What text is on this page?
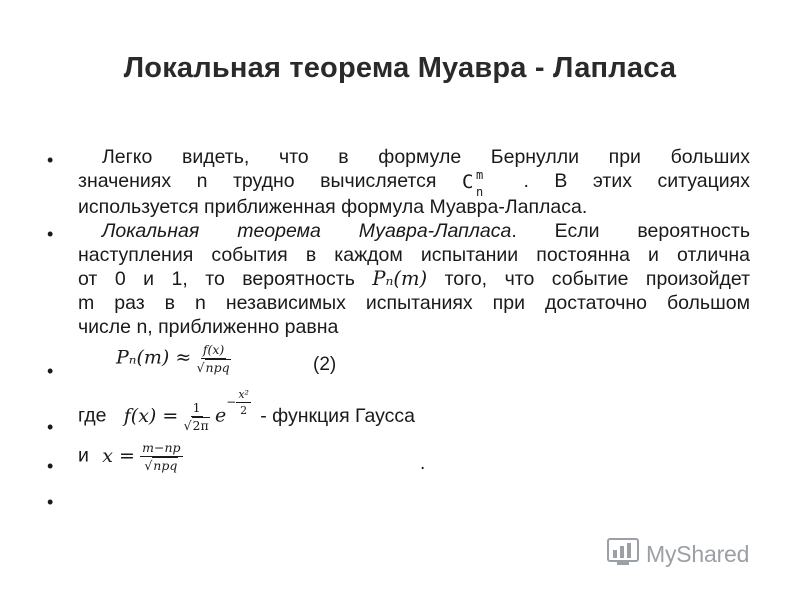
Локальная теорема Муавра - Лапласа
•	Легко видеть, что в формуле Бернулли при больших
значениях n трудно вычисляется C m
n . В этих ситуациях
используется приближенная формула Муавра-Лапласа.
•	Локальная теорема Муавра-Лапласа. Если вероятность
наступления события в каждом испытании постоянна и отлична
от 0 и 1, то вероятность Pₙ(m) того, что событие произойдет
m раз в n независимых испытаниях при достаточно большом
числе n, приближенно равна
•
$P_n(m) \approx \frac{f(x)}{\text{√npq}}$	(2)
•
где $f(x) = \frac{1}{√2\pi} e- \frac{\text{x²}}{2}$ - функция Гаусса
• и $x = \frac{m-np}{\text{√npq}}$	.
•
MyShared
